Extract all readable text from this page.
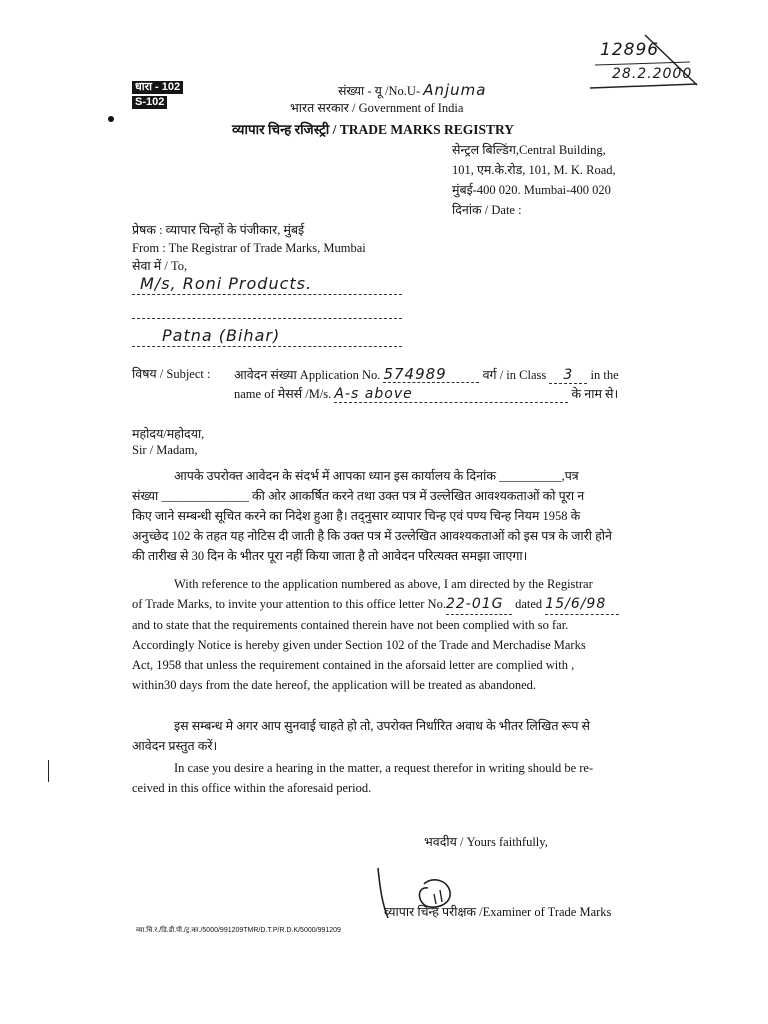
धारा - 102
S-102
12896
28.2.2000
संख्या - यू /No.U- Anjuma
भारत सरकार / Government of India
व्यापार चिन्ह रजिस्ट्री / TRADE MARKS REGISTRY
सेन्ट्रल बिल्डिंग,Central Building,
101, एम.के.रोड, 101, M. K. Road,
मुंबई-400 020. Mumbai-400 020
दिनांक / Date :
प्रेषक : व्यापार चिन्हों के पंजीकार, मुंबई
From : The Registrar of Trade Marks, Mumbai
सेवा में / To,
M/s, Roni Products.
Patna (Bihar)
विषय / Subject : आवेदन संख्या Application No. 574989	वर्ग / in Class 3 in the
name of मेसर्स /M/s. A-s above	के नाम से।
महोदय/महोदया,
Sir / Madam,
आपके उपरोक्त आवेदन के संदर्भ में आपका ध्यान इस कार्यालय के दिनांक __________,पत्र
संख्या ______________ की ओर आकर्षित करने तथा उक्त पत्र में उल्लेखित आवश्यकताओं को पूरा न
किए जाने सम्बन्धी सूचित करने का निदेश हुआ है। तद्नुसार व्यापार चिन्ह एवं पण्य चिन्ह नियम 1958 के
अनुच्छेद 102 के तहत यह नोटिस दी जाती है कि उक्त पत्र में उल्लेखित आवश्यकताओं को इस पत्र के जारी होने
की तारीख से 30 दिन के भीतर पूरा नहीं किया जाता है तो आवेदन परित्यक्त समझा जाएगा।
With reference to the application numbered as above, I am directed by the Registrar
of Trade Marks, to invite your attention to this office letter No.22-01G dated 15/6/98
and to state that the requirements contained therein have not been complied with so far.
Accordingly Notice is hereby given under Section 102 of the Trade and Merchadise Marks
Act, 1958 that unless the requirement contained in the aforsaid letter are complied with ,
within30 days from the date hereof, the application will be treated as abandoned.
इस सम्बन्ध मे अगर आप सुनवाई चाहते हो तो, उपरोक्त निर्धारित अवाध के भीतर लिखित रूप से
आवेदन प्रस्तुत करें।
In case you desire a hearing in the matter, a request therefor in writing should be re-
ceived in this office within the aforesaid period.
भवदीय / Yours faithfully,
व्यापार चिन्ह परीक्षक /Examiner of Trade Marks
व्या.चि.र./डि.डी.पी./ट्र.का./5000/991209TMR/D.T.P/R.D.K/5000/991209
